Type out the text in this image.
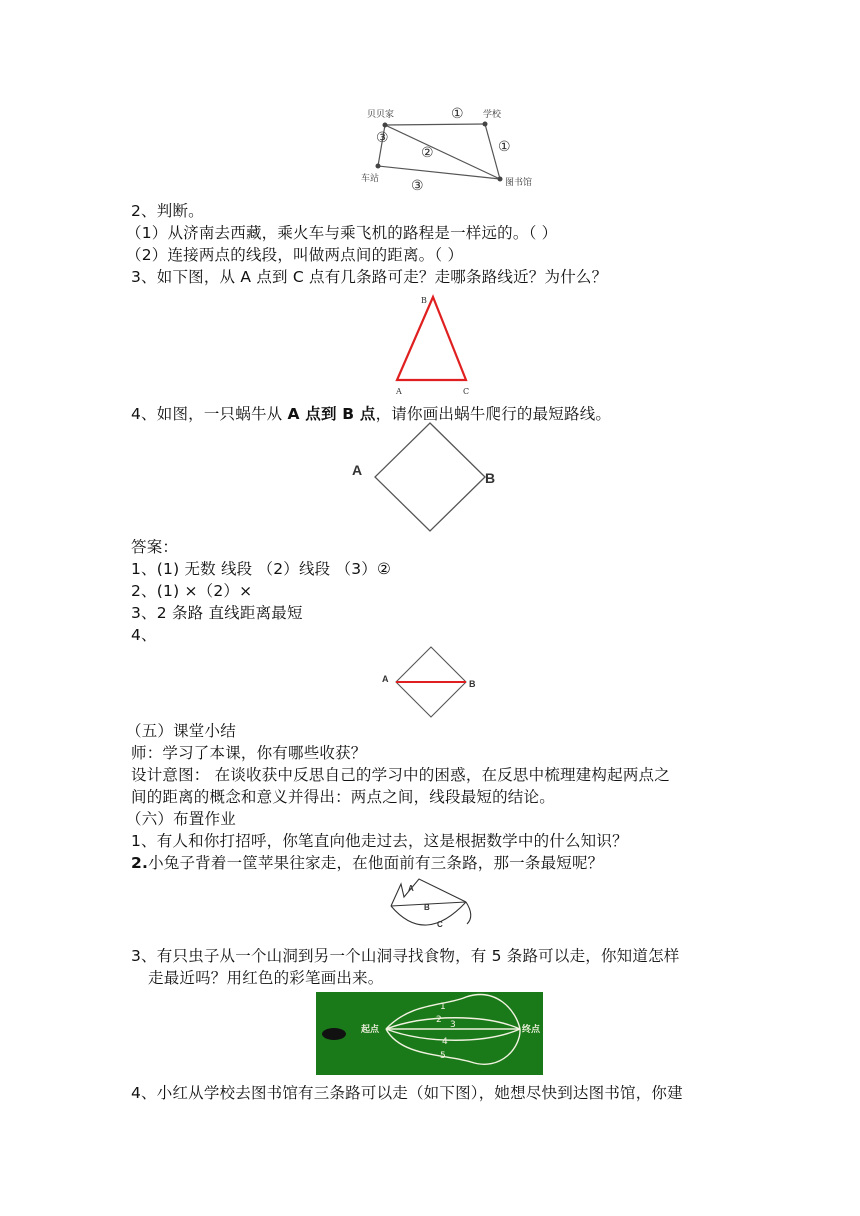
贝贝家	学校
车站	图书馆
①
①
②
③
③
2、判断。
（1）从济南去西藏，乘火车与乘飞机的路程是一样远的。（ ）
（2）连接两点的线段，叫做两点间的距离。（ ）
3、如下图，从 A 点到 C 点有几条路可走？走哪条路线近？为什么？
B
A	C
4、如图，一只蜗牛从 A 点到 B 点，请你画出蜗牛爬行的最短路线。
A	B
答案：
1、(1) 无数 线段 （2）线段 （3）②
2、(1) ×（2）×
3、2 条路 直线距离最短
4、
A	B
（五）课堂小结
师：学习了本课，你有哪些收获？
设计意图： 在谈收获中反思自己的学习中的困惑，在反思中梳理建构起两点之
间的距离的概念和意义并得出：两点之间，线段最短的结论。
（六）布置作业
1、有人和你打招呼，你笔直向他走过去，这是根据数学中的什么知识？
2.小兔子背着一筐苹果往家走，在他面前有三条路，那一条最短呢？
A
B
C
3、有只虫子从一个山洞到另一个山洞寻找食物，有 5 条路可以走，你知道怎样
走最近吗？用红色的彩笔画出来。
起点	终点
1
2 3
4
5
4、小红从学校去图书馆有三条路可以走（如下图），她想尽快到达图书馆，你建
